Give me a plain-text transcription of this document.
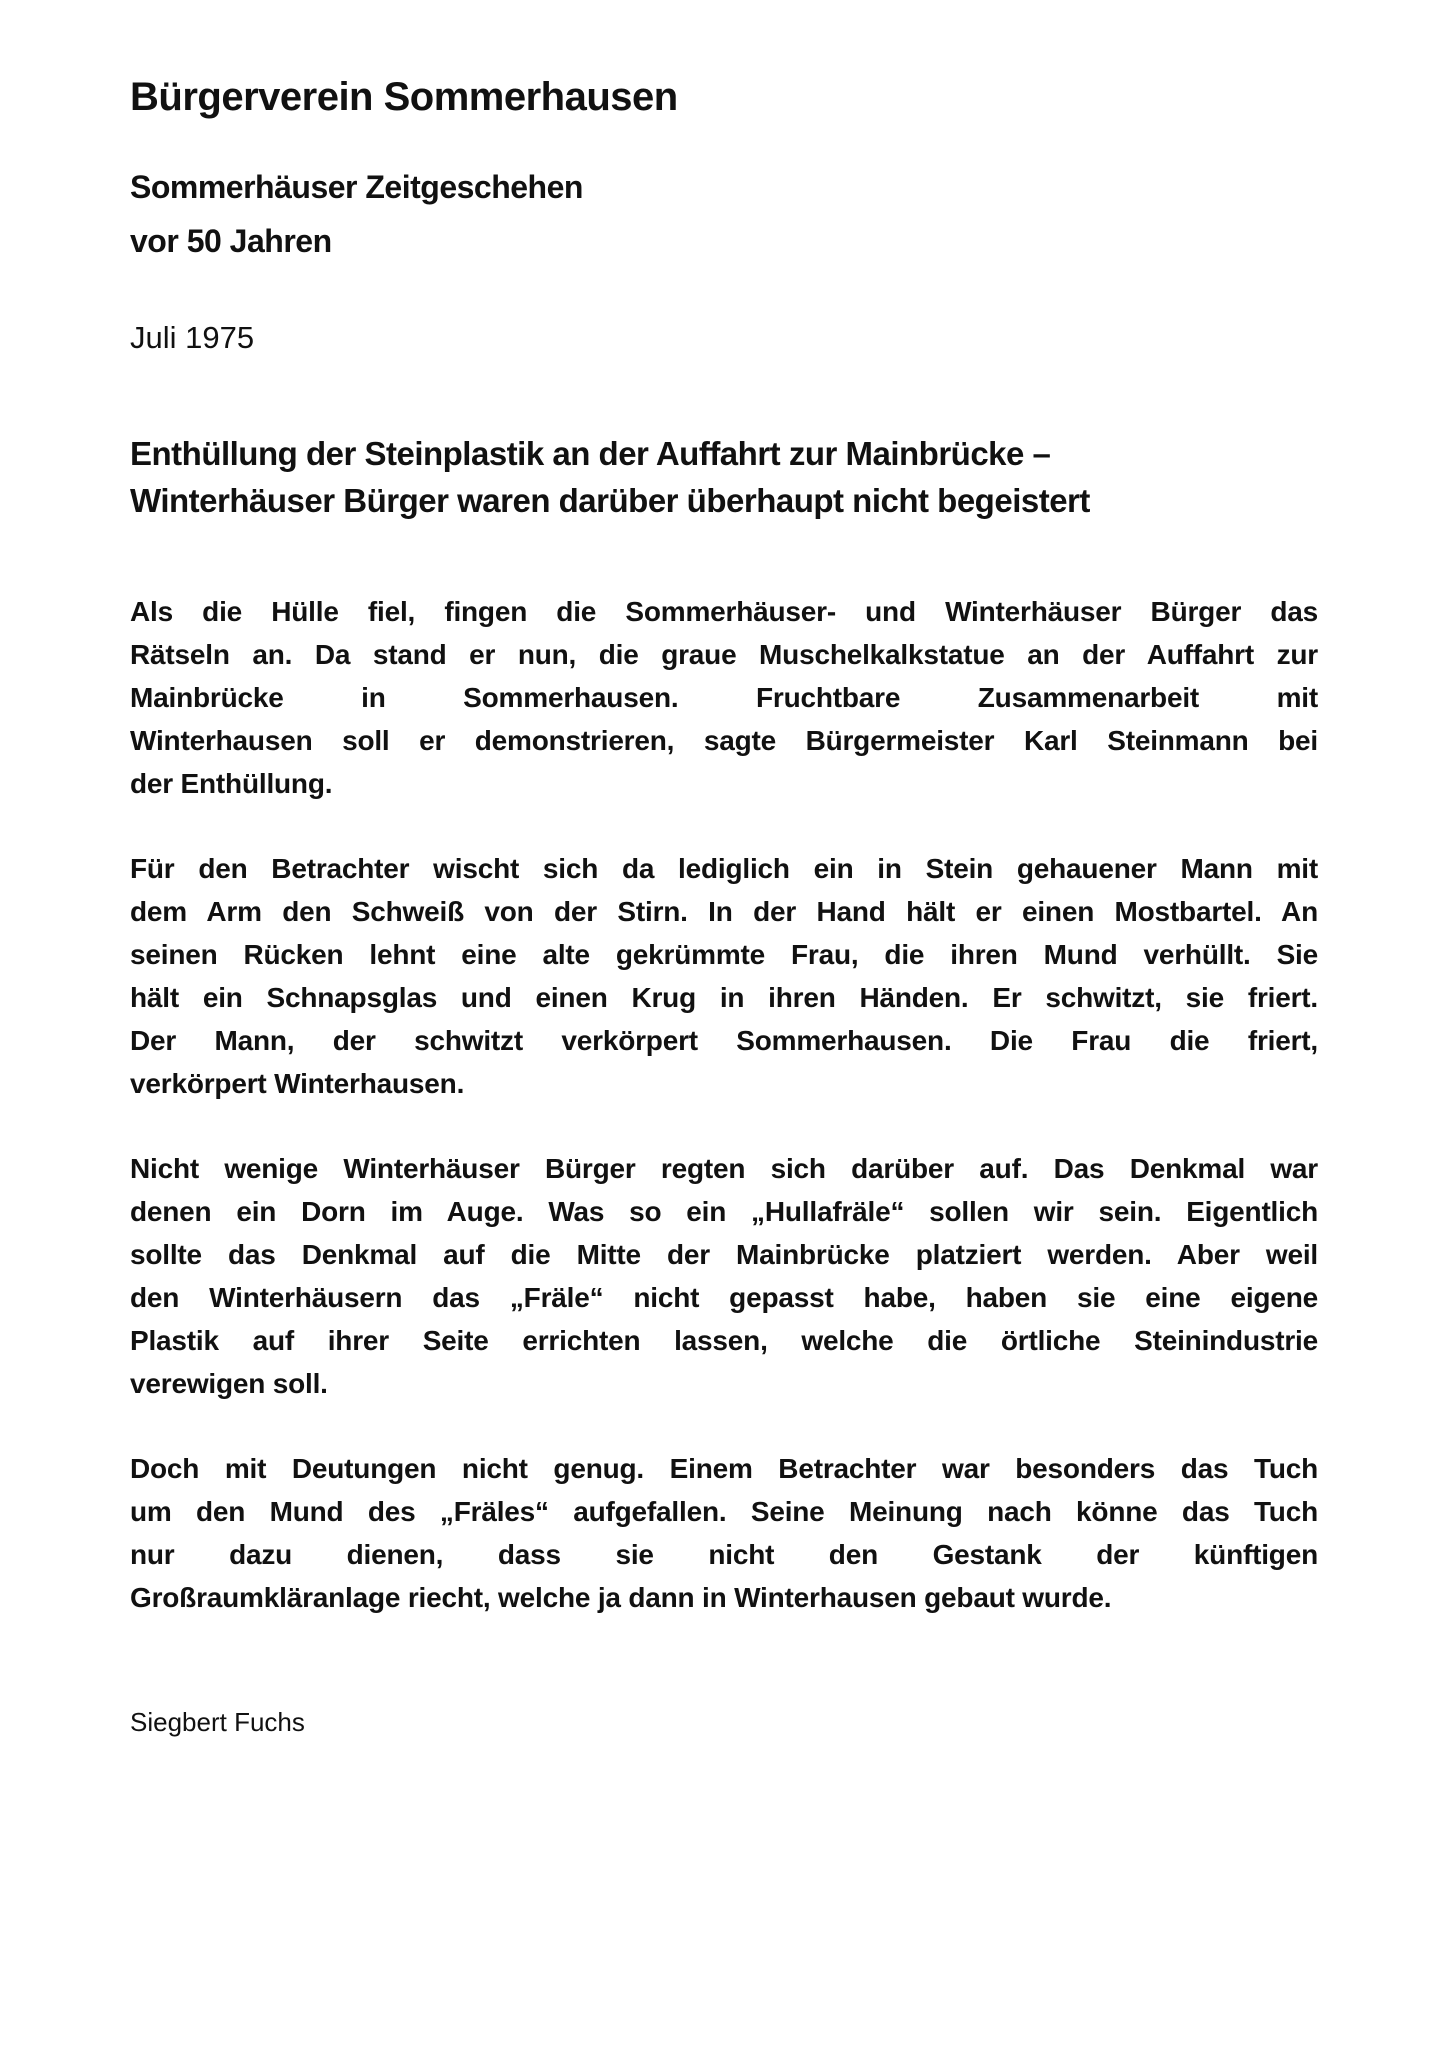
Bürgerverein Sommerhausen
Sommerhäuser Zeitgeschehen
vor 50 Jahren
Juli 1975
Enthüllung der Steinplastik an der Auffahrt zur Mainbrücke –
Winterhäuser Bürger waren darüber überhaupt nicht begeistert
Als die Hülle fiel, fingen die Sommerhäuser- und Winterhäuser Bürger das
Rätseln an. Da stand er nun, die graue Muschelkalkstatue an der Auffahrt zur
Mainbrücke in Sommerhausen. Fruchtbare Zusammenarbeit mit
Winterhausen soll er demonstrieren, sagte Bürgermeister Karl Steinmann bei
der Enthüllung.
Für den Betrachter wischt sich da lediglich ein in Stein gehauener Mann mit
dem Arm den Schweiß von der Stirn. In der Hand hält er einen Mostbartel. An
seinen Rücken lehnt eine alte gekrümmte Frau, die ihren Mund verhüllt. Sie
hält ein Schnapsglas und einen Krug in ihren Händen. Er schwitzt, sie friert.
Der Mann, der schwitzt verkörpert Sommerhausen. Die Frau die friert,
verkörpert Winterhausen.
Nicht wenige Winterhäuser Bürger regten sich darüber auf. Das Denkmal war
denen ein Dorn im Auge. Was so ein „Hullafräle“ sollen wir sein. Eigentlich
sollte das Denkmal auf die Mitte der Mainbrücke platziert werden. Aber weil
den Winterhäusern das „Fräle“ nicht gepasst habe, haben sie eine eigene
Plastik auf ihrer Seite errichten lassen, welche die örtliche Steinindustrie
verewigen soll.
Doch mit Deutungen nicht genug. Einem Betrachter war besonders das Tuch
um den Mund des „Fräles“ aufgefallen. Seine Meinung nach könne das Tuch
nur dazu dienen, dass sie nicht den Gestank der künftigen
Großraumkläranlage riecht, welche ja dann in Winterhausen gebaut wurde.
Siegbert Fuchs
